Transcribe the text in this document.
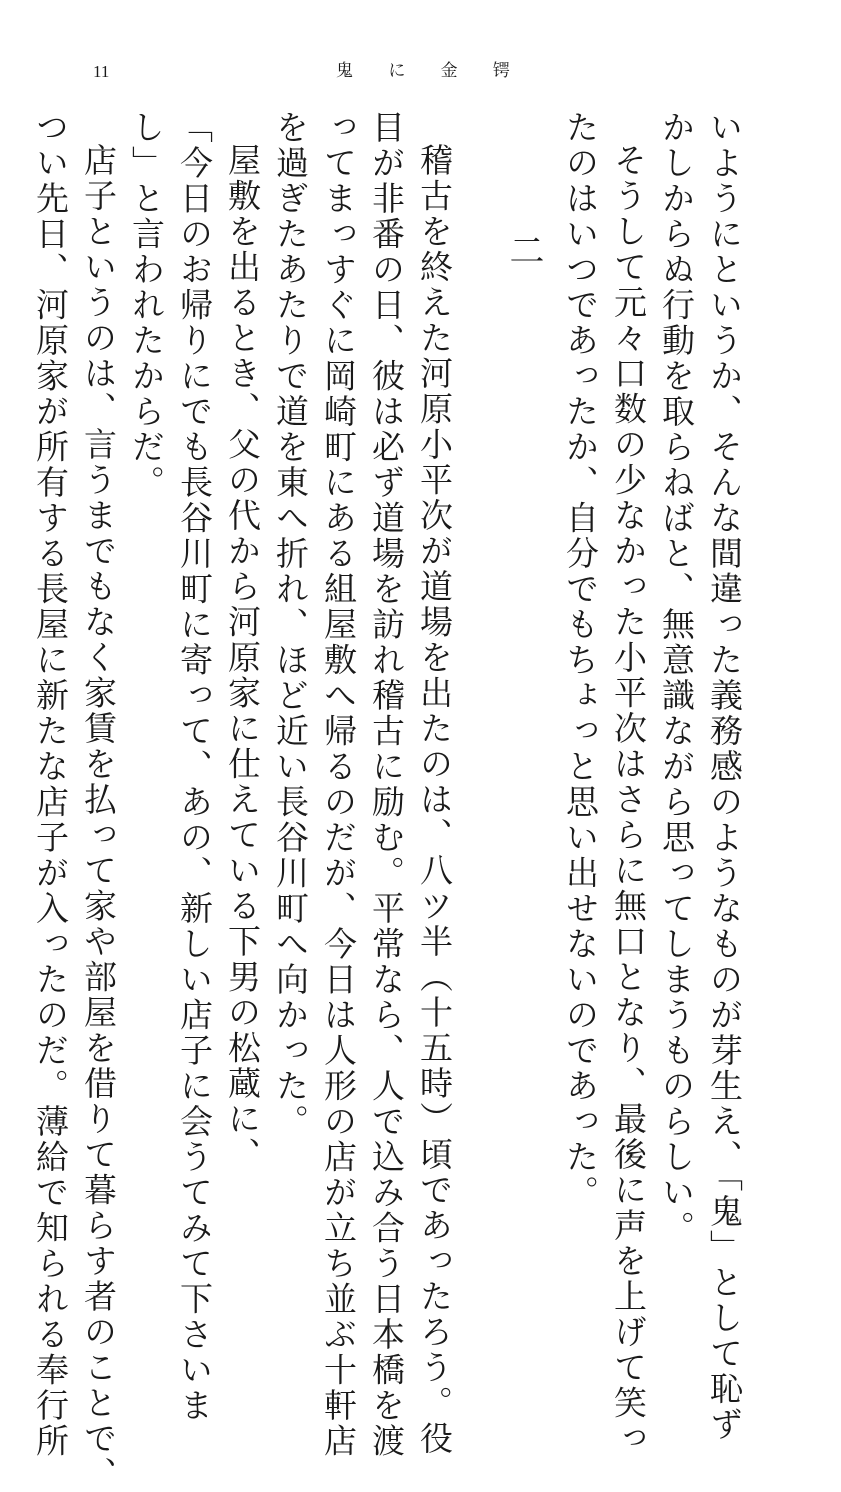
11	鬼 に 金 锷
二	いようにというか、そんな間違った義務感のようなものが芽生え、「鬼」として恥ず
かしからぬ行動を取らねばと、無意識ながら思ってしまうものらしい。
そうして元々口数の少なかった小平次はさらに無口となり、最後に声を上げて笑っ
たのはいつであったか、自分でもちょっと思い出せないのであった。
稽古を終えた河原小平次が道場を出たのは、八ツ半（十五時）頃であったろう。役
目が非番の日、彼は必ず道場を訪れ稽古に励む。平常なら、人で込み合う日本橋を渡
ってまっすぐに岡崎町にある組屋敷へ帰るのだが、今日は人形の店が立ち並ぶ十軒店
を過ぎたあたりで道を東へ折れ、ほど近い長谷川町へ向かった。
屋敷を出るとき、父の代から河原家に仕えている下男の松蔵に、
「今日のお帰りにでも長谷川町に寄って、あの、新しい店子に会うてみて下さいま
し」と言われたからだ。
店子というのは、言うまでもなく家賃を払って家や部屋を借りて暮らす者のことで、
つい先日、河原家が所有する長屋に新たな店子が入ったのだ。薄給で知られる奉行所
